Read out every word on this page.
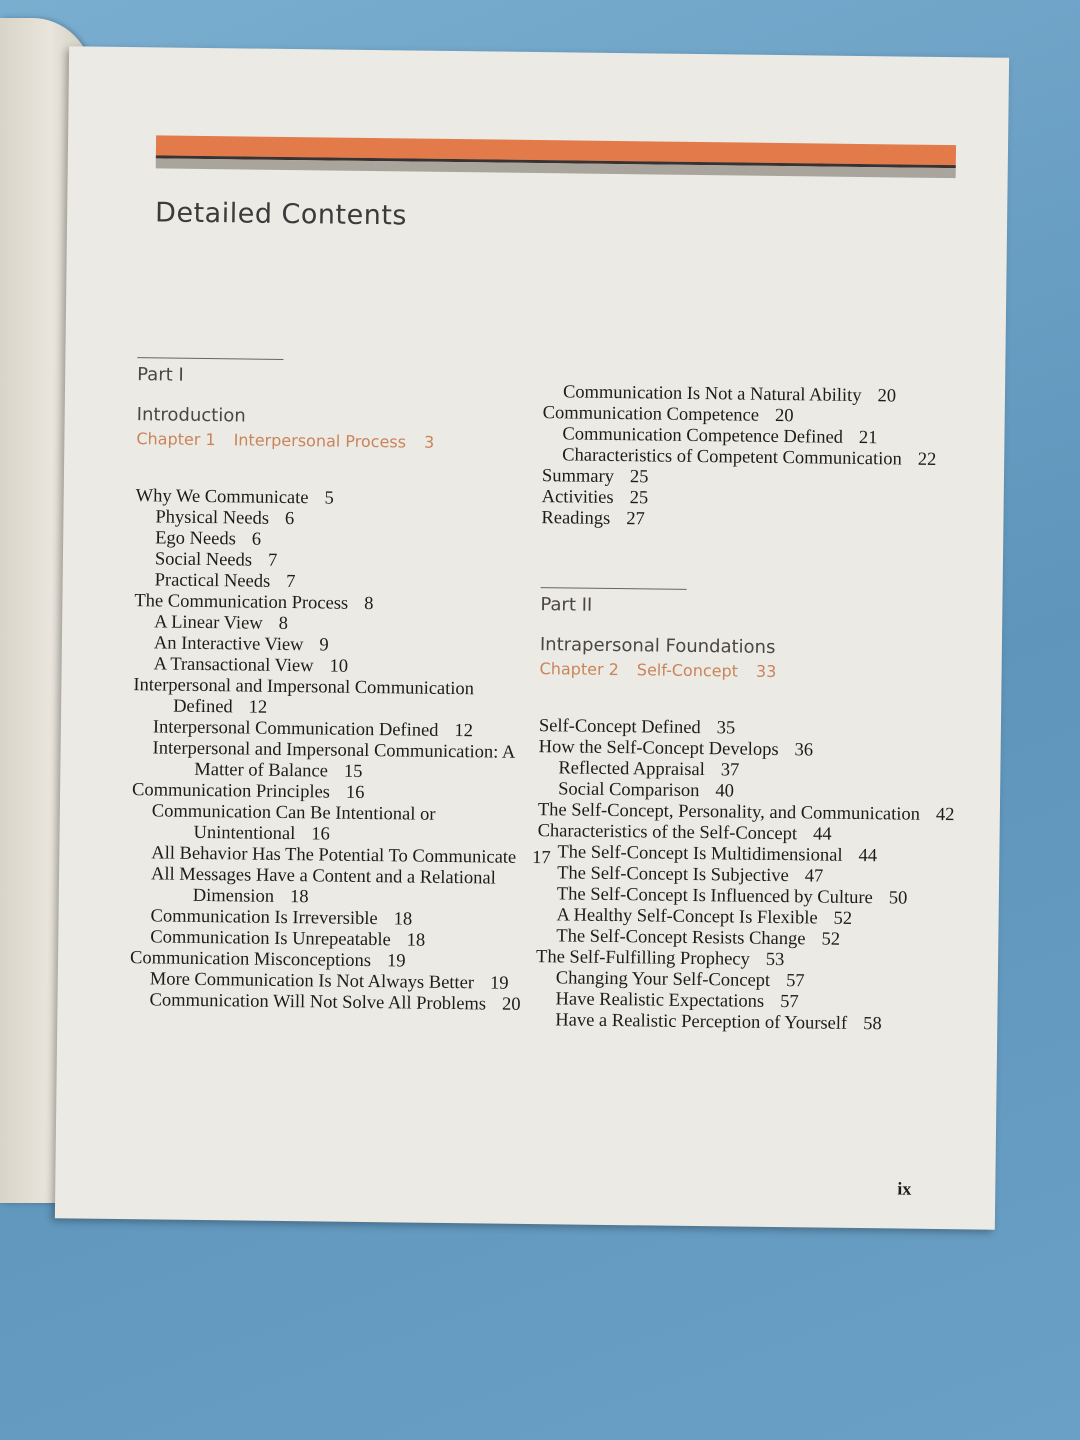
Detailed Contents
Part I
Introduction
Chapter 1 Interpersonal Process 3
Why We Communicate 5
Physical Needs 6
Ego Needs 6
Social Needs 7
Practical Needs 7
The Communication Process 8
A Linear View 8
An Interactive View 9
A Transactional View 10
Interpersonal and Impersonal Communication Defined 12
Interpersonal Communication Defined 12
Interpersonal and Impersonal Communication: A Matter of Balance 15
Communication Principles 16
Communication Can Be Intentional or Unintentional 16
All Behavior Has The Potential To Communicate 17
All Messages Have a Content and a Relational Dimension 18
Communication Is Irreversible 18
Communication Is Unrepeatable 18
Communication Misconceptions 19
More Communication Is Not Always Better 19
Communication Will Not Solve All Problems 20
Communication Is Not a Natural Ability 20
Communication Competence 20
Communication Competence Defined 21
Characteristics of Competent Communication 22
Summary 25
Activities 25
Readings 27
Part II
Intrapersonal Foundations
Chapter 2 Self-Concept 33
Self-Concept Defined 35
How the Self-Concept Develops 36
Reflected Appraisal 37
Social Comparison 40
The Self-Concept, Personality, and Communication 42
Characteristics of the Self-Concept 44
The Self-Concept Is Multidimensional 44
The Self-Concept Is Subjective 47
The Self-Concept Is Influenced by Culture 50
A Healthy Self-Concept Is Flexible 52
The Self-Concept Resists Change 52
The Self-Fulfilling Prophecy 53
Changing Your Self-Concept 57
Have Realistic Expectations 57
Have a Realistic Perception of Yourself 58
ix
